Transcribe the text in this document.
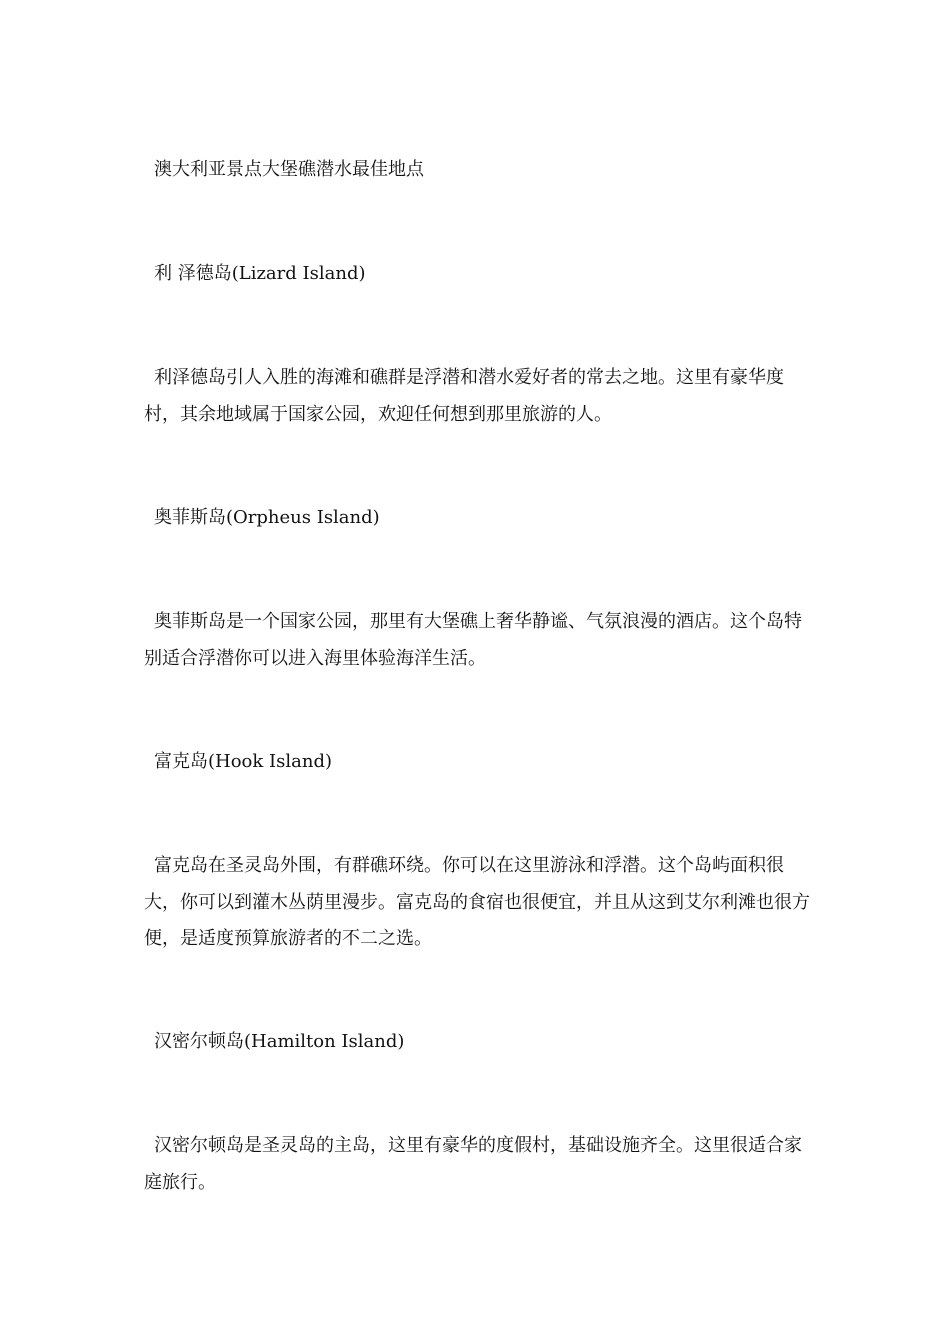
澳大利亚景点大堡礁潜水最佳地点
利 泽德岛(Lizard Island)
利泽德岛引人入胜的海滩和礁群是浮潜和潜水爱好者的常去之地。这里有豪华度村，其余地域属于国家公园，欢迎任何想到那里旅游的人。
奥菲斯岛(Orpheus Island)
奥菲斯岛是一个国家公园，那里有大堡礁上奢华静谧、气氛浪漫的酒店。这个岛特别适合浮潜你可以进入海里体验海洋生活。
富克岛(Hook Island)
富克岛在圣灵岛外围，有群礁环绕。你可以在这里游泳和浮潜。这个岛屿面积很大，你可以到灌木丛荫里漫步。富克岛的食宿也很便宜，并且从这到艾尔利滩也很方便，是适度预算旅游者的不二之选。
汉密尔顿岛(Hamilton Island)
汉密尔顿岛是圣灵岛的主岛，这里有豪华的度假村，基础设施齐全。这里很适合家庭旅行。
